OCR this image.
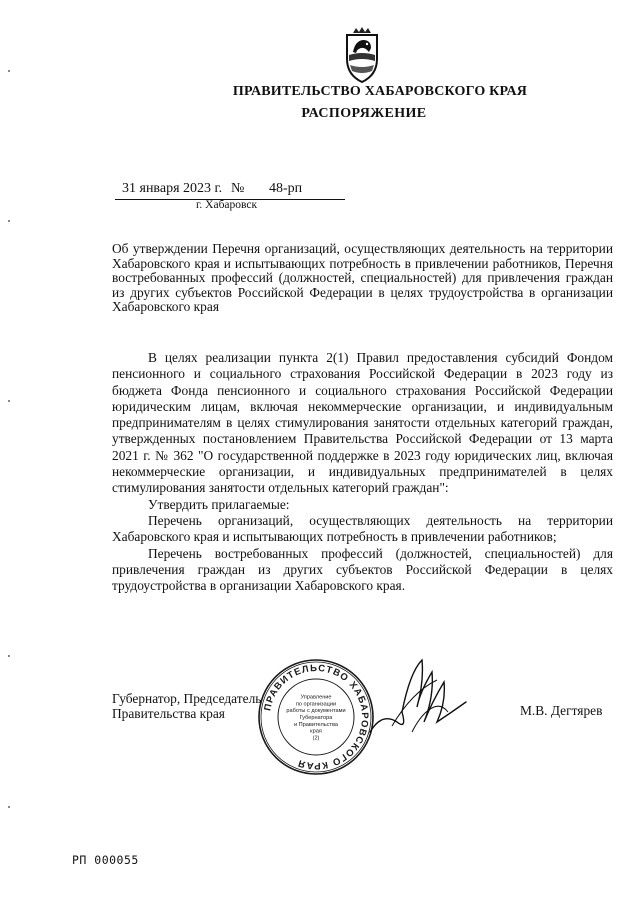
ПРАВИТЕЛЬСТВО ХАБАРОВСКОГО КРАЯ
РАСПОРЯЖЕНИЕ
31 января 2023 г. № 48-рп
г. Хабаровск
Об утверждении Перечня организаций, осуществляющих деятельность на территории Хабаровского края и испытывающих потребность в привлечении работников, Перечня востребованных профессий (должностей, специальностей) для привлечения граждан из других субъектов Российской Федерации в целях трудоустройства в организации Хабаровского края

В целях реализации пункта 2(1) Правил предоставления субсидий Фондом пенсионного и социального страхования Российской Федерации в 2023 году из бюджета Фонда пенсионного и социального страхования Российской Федерации юридическим лицам, включая некоммерческие организации, и индивидуальным предпринимателям в целях стимулирования занятости отдельных категорий граждан, утвержденных постановлением Правительства Российской Федерации от 13 марта 2021 г. № 362 "О государственной поддержке в 2023 году юридических лиц, включая некоммерческие организации, и индивидуальных предпринимателей в целях стимулирования занятости отдельных категорий граждан":

Утвердить прилагаемые:

Перечень организаций, осуществляющих деятельность на территории Хабаровского края и испытывающих потребность в привлечении работников;

Перечень востребованных профессий (должностей, специальностей) для привлечения граждан из других субъектов Российской Федерации в целях трудоустройства в организации Хабаровского края.

Губернатор, Председатель
Правительства края	ПРАВИТЕЛЬСТВО ХАБАРОВСКОГО КРАЯ
Управление
по организации
работы с документами
Губернатора
и Правительства
края
(2)
М.В. Дегтярев
РП 000055
